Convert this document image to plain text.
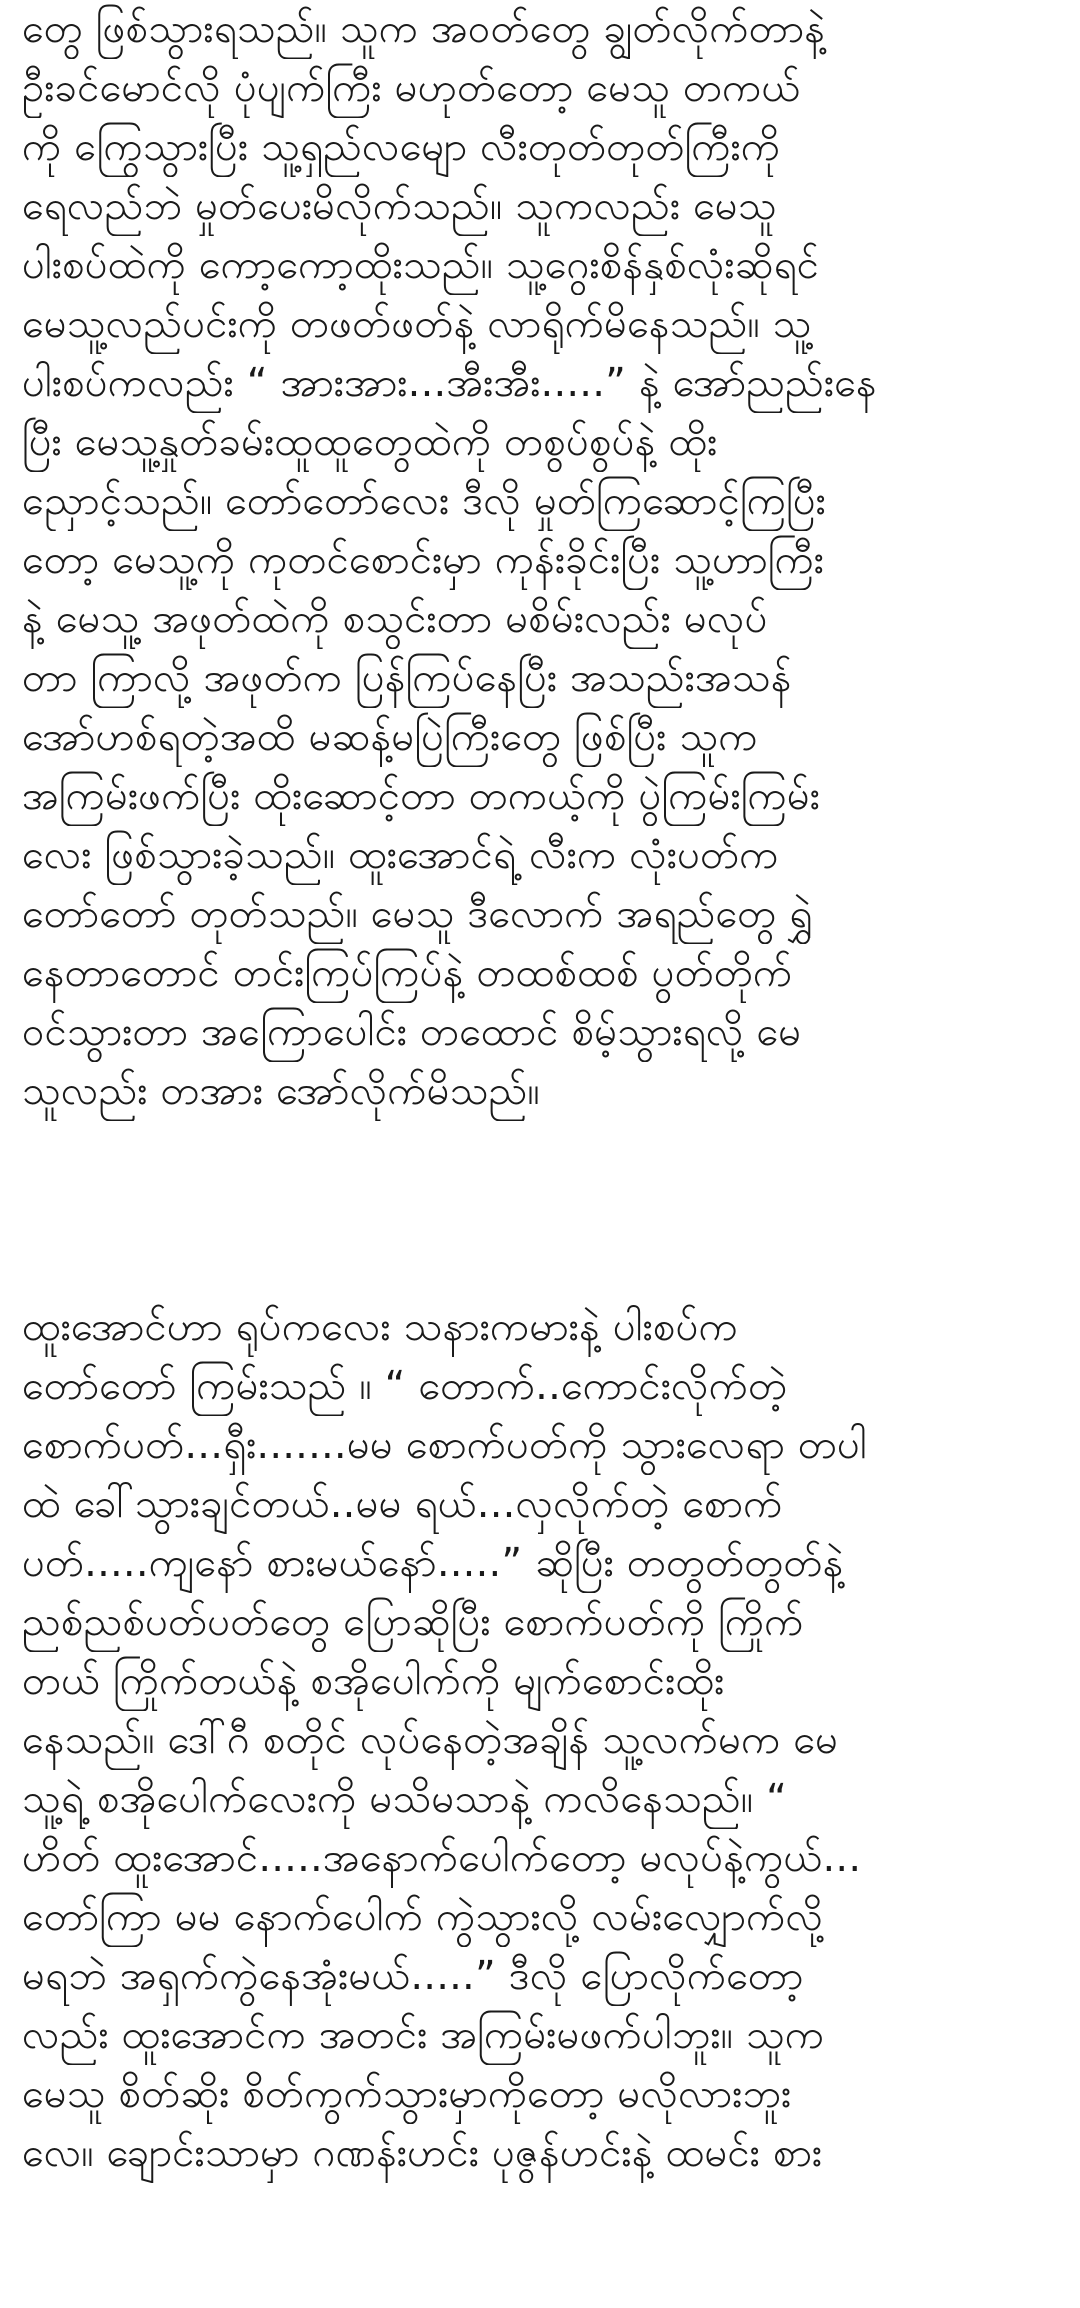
တွေ ဖြစ်သွားရသည်။ သူက အဝတ်တွေ ချွတ်လိုက်တာနဲ့
ဦးခင်မောင်လို ပုံပျက်ကြီး မဟုတ်တော့ မေသူ တကယ်
ကို ကြွေသွားပြီး သူ့ရှည်လမျော လီးတုတ်တုတ်ကြီးကို
ရေလည်ဘဲ မှုတ်ပေးမိလိုက်သည်။ သူကလည်း မေသူ
ပါးစပ်ထဲကို ကော့ကော့ထိုးသည်။ သူ့ဂွေးစိန်နှစ်လုံးဆိုရင်
မေသူ့လည်ပင်းကို တဖတ်ဖတ်နဲ့ လာရိုက်မိနေသည်။ သူ့
ပါးစပ်ကလည်း “ အားအား...အီးအီး.....” နဲ့ အော်ညည်းနေ
ပြီး မေသူ့နှုတ်ခမ်းထူထူတွေထဲကို တစွပ်စွပ်နဲ့ ထိုး
ညှောင့်သည်။ တော်တော်လေး ဒီလို မှုတ်ကြဆောင့်ကြပြီး
တော့ မေသူ့ကို ကုတင်စောင်းမှာ ကုန်းခိုင်းပြီး သူ့ဟာကြီး
နဲ့ မေသူ့ အဖုတ်ထဲကို စသွင်းတာ မစိမ်းလည်း မလုပ်
တာ ကြာလို့ အဖုတ်က ပြန်ကြပ်နေပြီး အသည်းအသန်
အော်ဟစ်ရတဲ့အထိ မဆန့်မပြဲကြီးတွေ ဖြစ်ပြီး သူက
အကြမ်းဖက်ပြီး ထိုးဆောင့်တာ တကယ့်ကို ပွဲကြမ်းကြမ်း
လေး ဖြစ်သွားခဲ့သည်။ ထူးအောင်ရဲ့ လီးက လုံးပတ်က
တော်တော် တုတ်သည်။ မေသူ ဒီလောက် အရည်တွေ ရွှဲ
နေတာတောင် တင်းကြပ်ကြပ်နဲ့ တထစ်ထစ် ပွတ်တိုက်
ဝင်သွားတာ အကြောပေါင်း တထောင် စိမ့်သွားရလို့ မေ
သူလည်း တအား အော်လိုက်မိသည်။
ထူးအောင်ဟာ ရုပ်ကလေး သနားကမားနဲ့ ပါးစပ်က
တော်တော် ကြမ်းသည် ။ “ တောက်..ကောင်းလိုက်တဲ့
စောက်ပတ်...ရှီး.......မမ စောက်ပတ်ကို သွားလေရာ တပါ
ထဲ ခေါ်သွားချင်တယ်..မမ ရယ်...လှလိုက်တဲ့ စောက်
ပတ်.....ကျနော် စားမယ်နော်.....” ဆိုပြီး တတွတ်တွတ်နဲ့
ညစ်ညစ်ပတ်ပတ်တွေ ပြောဆိုပြီး စောက်ပတ်ကို ကြိုက်
တယ် ကြိုက်တယ်နဲ့ စအိုပေါက်ကို မျက်စောင်းထိုး
နေသည်။ ဒေါ်ဂီ စတိုင် လုပ်နေတဲ့အချိန် သူ့လက်မက မေ
သူ့ရဲ့ စအိုပေါက်လေးကို မသိမသာနဲ့ ကလိနေသည်။ “
ဟိတ် ထူးအောင်.....အနောက်ပေါက်တော့ မလုပ်နဲ့ကွယ်...
တော်ကြာ မမ နောက်ပေါက် ကွဲသွားလို့ လမ်းလျှောက်လို့
မရဘဲ အရှက်ကွဲနေအုံးမယ်.....” ဒီလို ပြောလိုက်တော့
လည်း ထူးအောင်က အတင်း အကြမ်းမဖက်ပါဘူး။ သူက
မေသူ စိတ်ဆိုး စိတ်ကွက်သွားမှာကိုတော့ မလိုလားဘူး
လေ။ ချောင်းသာမှာ ဂဏန်းဟင်း ပုဇွန်ဟင်းနဲ့ ထမင်း စား
